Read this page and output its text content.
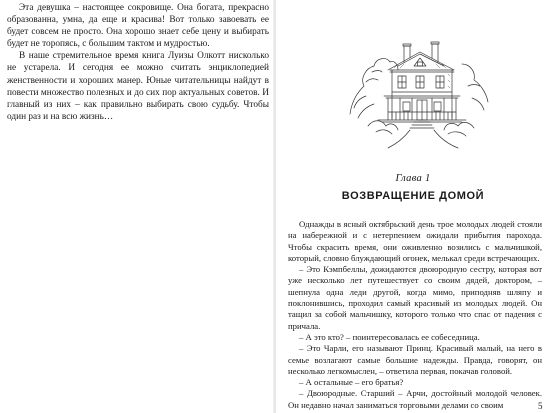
Эта девушка – настоящее сокровище. Она богата, прекрасно образованна, умна, да еще и красива! Вот только завоевать ее будет совсем не просто. Она хорошо знает себе цену и выбирать будет не торопясь, с большим тактом и мудростью.

В наше стремительное время книга Луизы Олкотт нисколько не устарела. И сегодня ее можно считать энциклопедией женственности и хороших манер. Юные читательницы найдут в повести множество полезных и до сих пор актуальных советов. И главный из них – как правильно выбирать свою судьбу. Чтобы один раз и на всю жизнь…

Глава 1
ВОЗВРАЩЕНИЕ ДОМОЙ

Однажды в ясный октябрьский день трое молодых людей стояли на набережной и с нетерпением ожидали прибытия парохода. Чтобы скрасить время, они оживленно возились с мальчишкой, который, словно блуждающий огонек, мелькал среди встречающих.

– Это Кэмпбеллы, дожидаются двоюродную сестру, которая вот уже несколько лет путешествует со своим дядей, доктором, – шепнула одна леди другой, когда мимо, приподняв шляпу и поклонившись, проходил самый красивый из молодых людей. Он тащил за собой мальчишку, которого только что спас от падения с причала.

– А это кто? – поинтересовалась ее собеседница.

– Это Чарли, его называют Принц. Красивый малый, на него в семье возлагают самые большие надежды. Правда, говорят, он несколько легкомыслен, – ответила первая, покачав головой.

– А остальные – его братья?

– Двоюродные. Старший – Арчи, достойный молодой человек. Он недавно начал заниматься торговыми делами со своим	5
